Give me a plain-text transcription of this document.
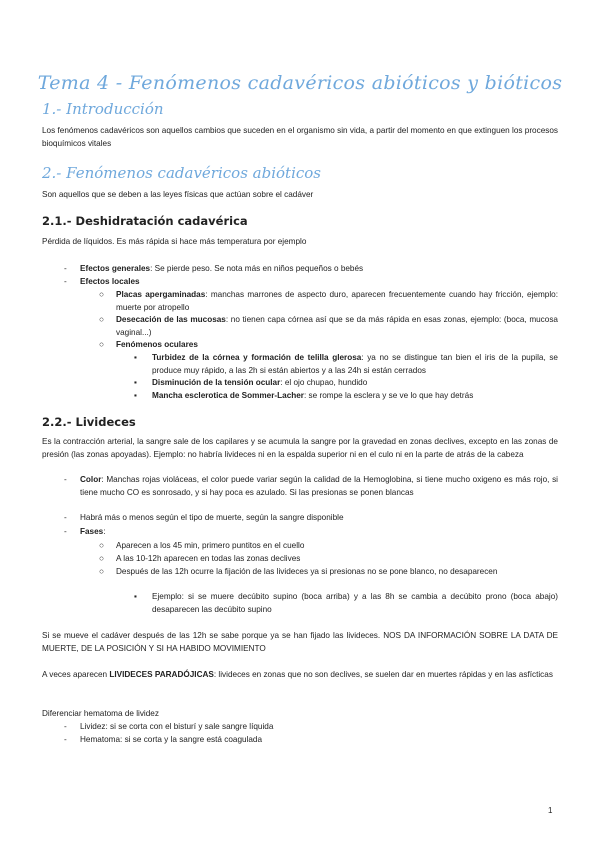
Tema 4 - Fenómenos cadavéricos abióticos y bióticos
1.- Introducción
Los fenómenos cadavéricos son aquellos cambios que suceden en el organismo sin vida, a partir del momento en que extinguen los procesos bioquímicos vitales
2.- Fenómenos cadavéricos abióticos
Son aquellos que se deben a las leyes físicas que actúan sobre el cadáver
2.1.- Deshidratación cadavérica
Pérdida de líquidos. Es más rápida si hace más temperatura por ejemplo
- Efectos generales: Se pierde peso. Se nota más en niños pequeños o bebés
- Efectos locales
○ Placas apergaminadas: manchas marrones de aspecto duro, aparecen frecuentemente cuando hay fricción, ejemplo: muerte por atropello
○ Desecación de las mucosas: no tienen capa córnea así que se da más rápida en esas zonas, ejemplo: (boca, mucosa vaginal...)
○ Fenómenos oculares
▪ Turbidez de la córnea y formación de telilla glerosa: ya no se distingue tan bien el iris de la pupila, se produce muy rápido, a las 2h si están abiertos y a las 24h si están cerrados
▪ Disminución de la tensión ocular: el ojo chupao, hundido
▪ Mancha esclerotica de Sommer-Lacher: se rompe la esclera y se ve lo que hay detrás
2.2.- Livideces
Es la contracción arterial, la sangre sale de los capilares y se acumula la sangre por la gravedad en zonas declives, excepto en las zonas de presión (las zonas apoyadas). Ejemplo: no habría livideces ni en la espalda superior ni en el culo ni en la parte de atrás de la cabeza
- Color: Manchas rojas violáceas, el color puede variar según la calidad de la Hemoglobina, si tiene mucho oxigeno es más rojo, si tiene mucho CO es sonrosado, y si hay poca es azulado. Si las presionas se ponen blancas
- Habrá más o menos según el tipo de muerte, según la sangre disponible
- Fases:
○ Aparecen a los 45 min, primero puntitos en el cuello
○ A las 10-12h aparecen en todas las zonas declives
○ Después de las 12h ocurre la fijación de las livideces ya si presionas no se pone blanco, no desaparecen
▪ Ejemplo: si se muere decúbito supino (boca arriba) y a las 8h se cambia a decúbito prono (boca abajo) desaparecen las decúbito supino
Si se mueve el cadáver después de las 12h se sabe porque ya se han fijado las livideces. NOS DA INFORMACIÓN SOBRE LA DATA DE MUERTE, DE LA POSICIÓN Y SI HA HABIDO MOVIMIENTO
A veces aparecen LIVIDECES PARADÓJICAS: livideces en zonas que no son declives, se suelen dar en muertes rápidas y en las asfícticas
Diferenciar hematoma de lividez
- Lividez: si se corta con el bisturí y sale sangre líquida
- Hematoma: si se corta y la sangre está coagulada
1
